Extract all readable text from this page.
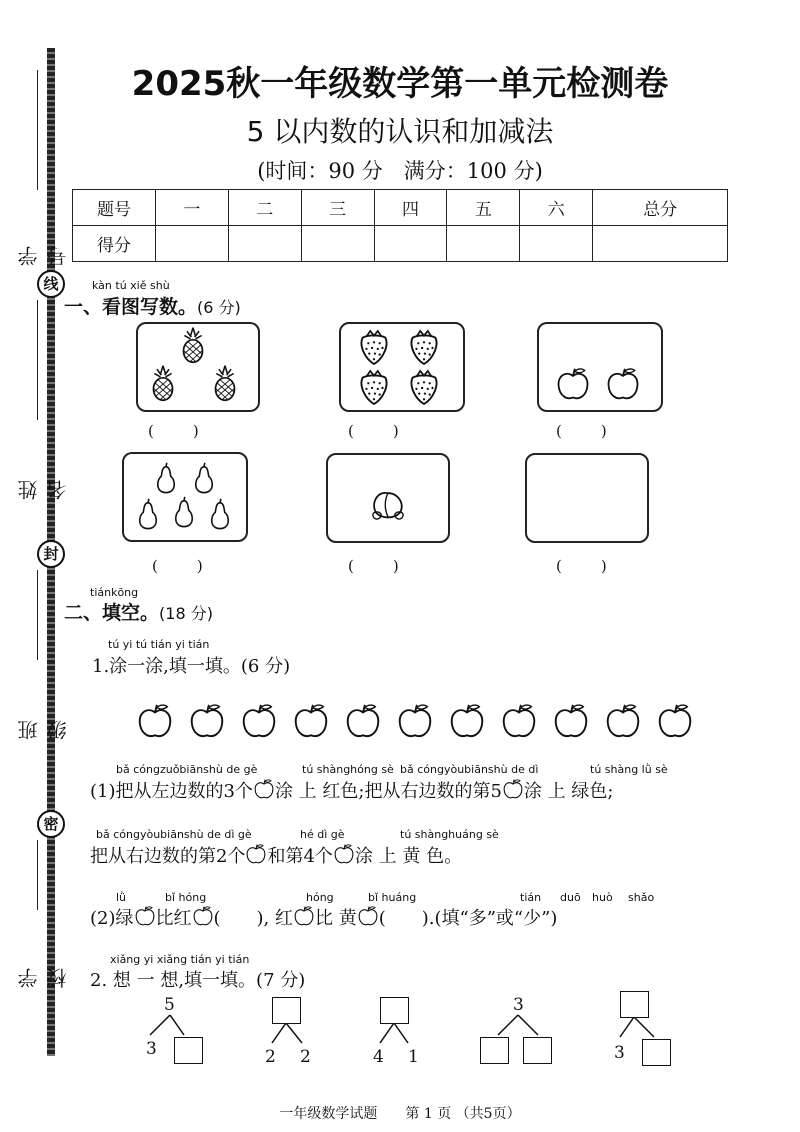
学 号
线
姓 名
封
班 级
密
学 校
2025秋一年级数学第一单元检测卷
5 以内数的认识和加减法
(时间：90 分　满分：100 分)
题号	一	二	三	四	五	六	总分
得分							
kàn tú xiě shù
一、看图写数。(6 分)
(　　)	(　　)	(　　)
(　　)	(　　)	(　　)
tiánkōng
二、填空。(18 分)
tú yi tú tián yi tián
1.涂一涂,填一填。(6 分)
bǎ cóngzuǒbiānshù de gè	tú shànghóng sè bǎ cóngyòubiānshù de dì	tú shàng lǜ sè
(1)把从左边数的3个 涂 上 红色;把从右边数的第5 涂 上 绿色;
bǎ cóngyòubiānshù de dì gè	hé dì gè	tú shànghuáng sè
把从右边数的第2个 和第4个 涂 上 黄 色。
lǜ	bǐ hóng	hóng	bǐ huáng	tián duō huò shǎo
(2)绿 比红 (　　), 红 比 黄 (　　).(填“多”或“少”)
xiǎng yi xiǎng tián yi tián
2. 想 一 想,填一填。(7 分)
5
3	2 2	4 1
3
3
一年级数学试题　　第 1 页 （共5页）
